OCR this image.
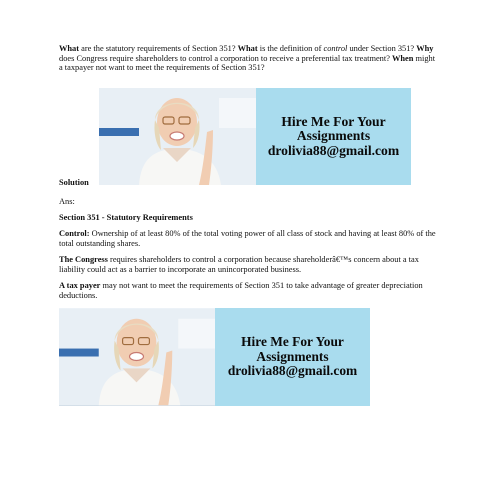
What are the statutory requirements of Section 351? What is the definition of control under Section 351? Why does Congress require shareholders to control a corporation to receive a preferential tax treatment? When might a taxpayer not want to meet the requirements of Section 351?
Hire Me For Your
Assignments
drolivia88@gmail.com
Solution
Ans:
Section 351 - Statutory Requirements
Control: Ownership of at least 80% of the total voting power of all class of stock and having at least 80% of the total outstanding shares.
The Congress requires shareholders to control a corporation because shareholderâ€™s concern about a tax liability could act as a barrier to incorporate an unincorporated business.
A tax payer may not want to meet the requirements of Section 351 to take advantage of greater depreciation deductions.
Hire Me For Your
Assignments
drolivia88@gmail.com
